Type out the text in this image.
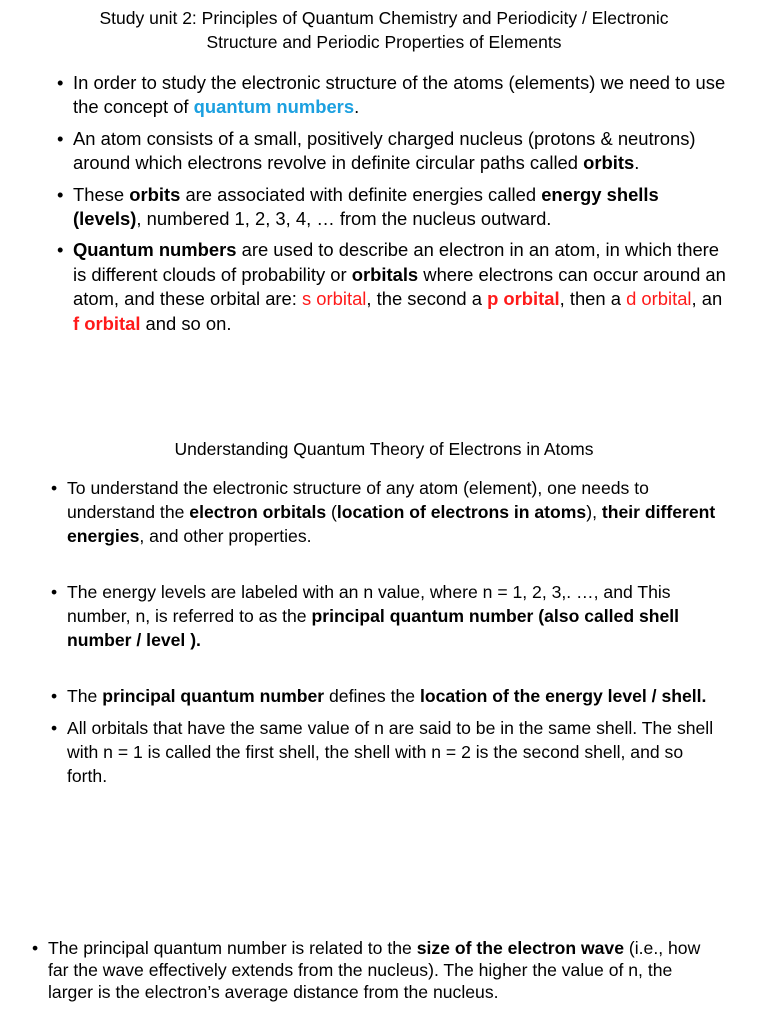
Study unit 2: Principles of Quantum Chemistry and Periodicity / Electronic
Structure and Periodic Properties of Elements
• In order to study the electronic structure of the atoms (elements) we need to use the concept of quantum numbers.
• An atom consists of a small, positively charged nucleus (protons & neutrons) around which electrons revolve in definite circular paths called orbits.
• These orbits are associated with definite energies called energy shells (levels), numbered 1, 2, 3, 4, … from the nucleus outward.
• Quantum numbers are used to describe an electron in an atom, in which there is different clouds of probability or orbitals where electrons can occur around an atom, and these orbital are: s orbital, the second a p orbital, then a d orbital, an f orbital and so on.
Understanding Quantum Theory of Electrons in Atoms
• To understand the electronic structure of any atom (element), one needs to understand the electron orbitals (location of electrons in atoms), their different energies, and other properties.
• The energy levels are labeled with an n value, where n = 1, 2, 3,. …, and This number, n, is referred to as the principal quantum number (also called shell number / level ).
• The principal quantum number defines the location of the energy level / shell.
• All orbitals that have the same value of n are said to be in the same shell. The shell with n = 1 is called the first shell, the shell with n = 2 is the second shell, and so forth.
• The principal quantum number is related to the size of the electron wave (i.e., how far the wave effectively extends from the nucleus). The higher the value of n, the larger is the electron’s average distance from the nucleus.
